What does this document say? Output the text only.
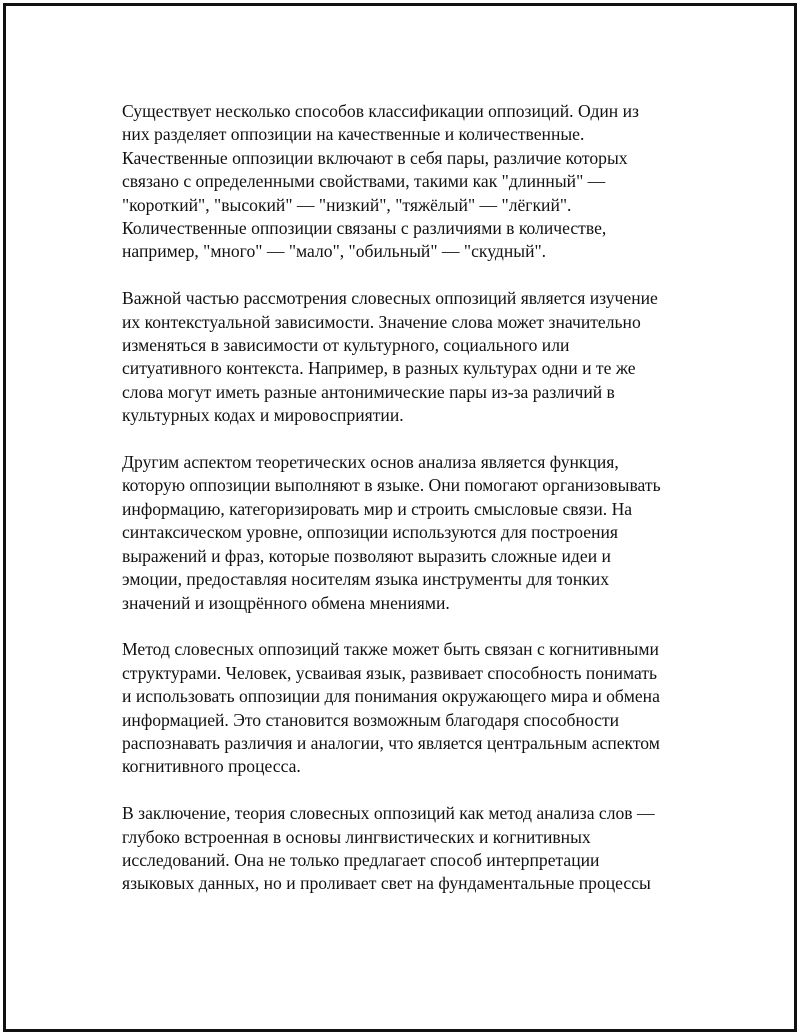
Существует несколько способов классификации оппозиций. Один из
них разделяет оппозиции на качественные и количественные.
Качественные оппозиции включают в себя пары, различие которых
связано с определенными свойствами, такими как "длинный" —
"короткий", "высокий" — "низкий", "тяжёлый" — "лёгкий".
Количественные оппозиции связаны с различиями в количестве,
например, "много" — "мало", "обильный" — "скудный".

Важной частью рассмотрения словесных оппозиций является изучение
их контекстуальной зависимости. Значение слова может значительно
изменяться в зависимости от культурного, социального или
ситуативного контекста. Например, в разных культурах одни и те же
слова могут иметь разные антонимические пары из-за различий в
культурных кодах и мировосприятии.

Другим аспектом теоретических основ анализа является функция,
которую оппозиции выполняют в языке. Они помогают организовывать
информацию, категоризировать мир и строить смысловые связи. На
синтаксическом уровне, оппозиции используются для построения
выражений и фраз, которые позволяют выразить сложные идеи и
эмоции, предоставляя носителям языка инструменты для тонких
значений и изощрённого обмена мнениями.

Метод словесных оппозиций также может быть связан с когнитивными
структурами. Человек, усваивая язык, развивает способность понимать
и использовать оппозиции для понимания окружающего мира и обмена
информацией. Это становится возможным благодаря способности
распознавать различия и аналогии, что является центральным аспектом
когнитивного процесса.

В заключение, теория словесных оппозиций как метод анализа слов —
глубоко встроенная в основы лингвистических и когнитивных
исследований. Она не только предлагает способ интерпретации
языковых данных, но и проливает свет на фундаментальные процессы
